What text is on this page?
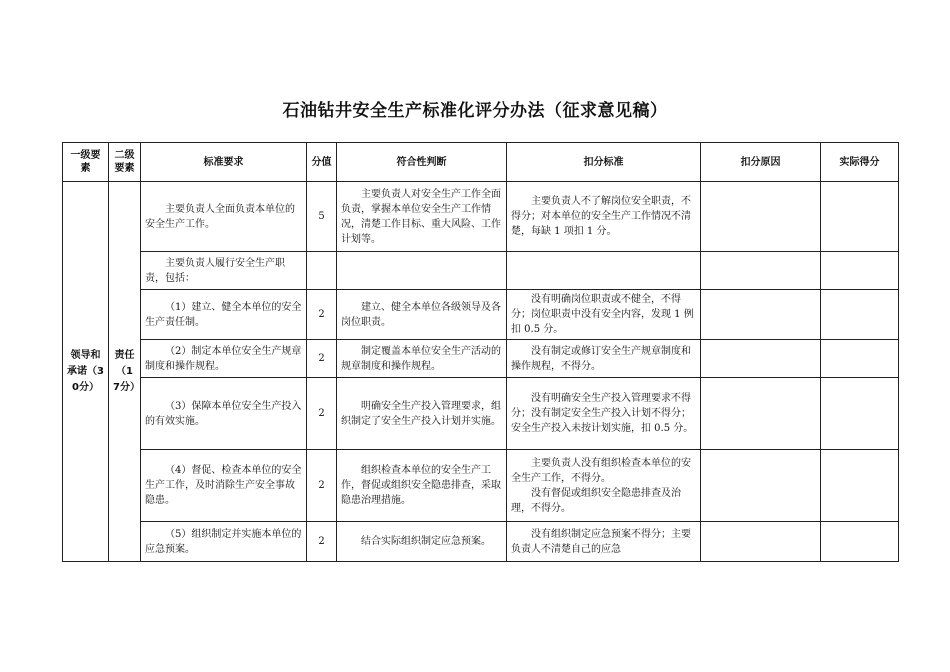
石油钻井安全生产标准化评分办法（征求意见稿）
一级要素	二级要素	标准要求	分值	符合性判断	扣分标准	扣分原因	实际得分
领导和承诺（30分）	责任（17分）	主要负责人全面负责本单位的安全生产工作。	5	主要负责人对安全生产工作全面负责，掌握本单位安全生产工作情况，清楚工作目标、重大风险、工作计划等。	主要负责人不了解岗位安全职责，不得分；对本单位的安全生产工作情况不清楚，每缺 1 项扣 1 分。		

		主要负责人履行安全生产职责，包括：					
		（1）建立、健全本单位的安全生产责任制。	2	建立、健全本单位各级领导及各岗位职责。	没有明确岗位职责或不健全，不得分；岗位职责中没有安全内容，发现 1 例扣 0.5 分。		

		（2）制定本单位安全生产规章制度和操作规程。	2	制定覆盖本单位安全生产活动的规章制度和操作规程。	没有制定或修订安全生产规章制度和操作规程，不得分。		

		（3）保障本单位安全生产投入的有效实施。	2	明确安全生产投入管理要求，组织制定了安全生产投入计划并实施。	没有明确安全生产投入管理要求不得分；没有制定安全生产投入计划不得分；安全生产投入未按计划实施，扣 0.5 分。		

		（4）督促、检查本单位的安全生产工作，及时消除生产安全事故隐患。	2	组织检查本单位的安全生产工作，督促或组织安全隐患排查，采取隐患治理措施。	主要负责人没有组织检查本单位的安全生产工作，不得分。
没有督促或组织安全隐患排查及治理，不得分。		

		（5）组织制定并实施本单位的应急预案。	2	结合实际组织制定应急预案。	没有组织制定应急预案不得分；主要负责人不清楚自己的应急		
